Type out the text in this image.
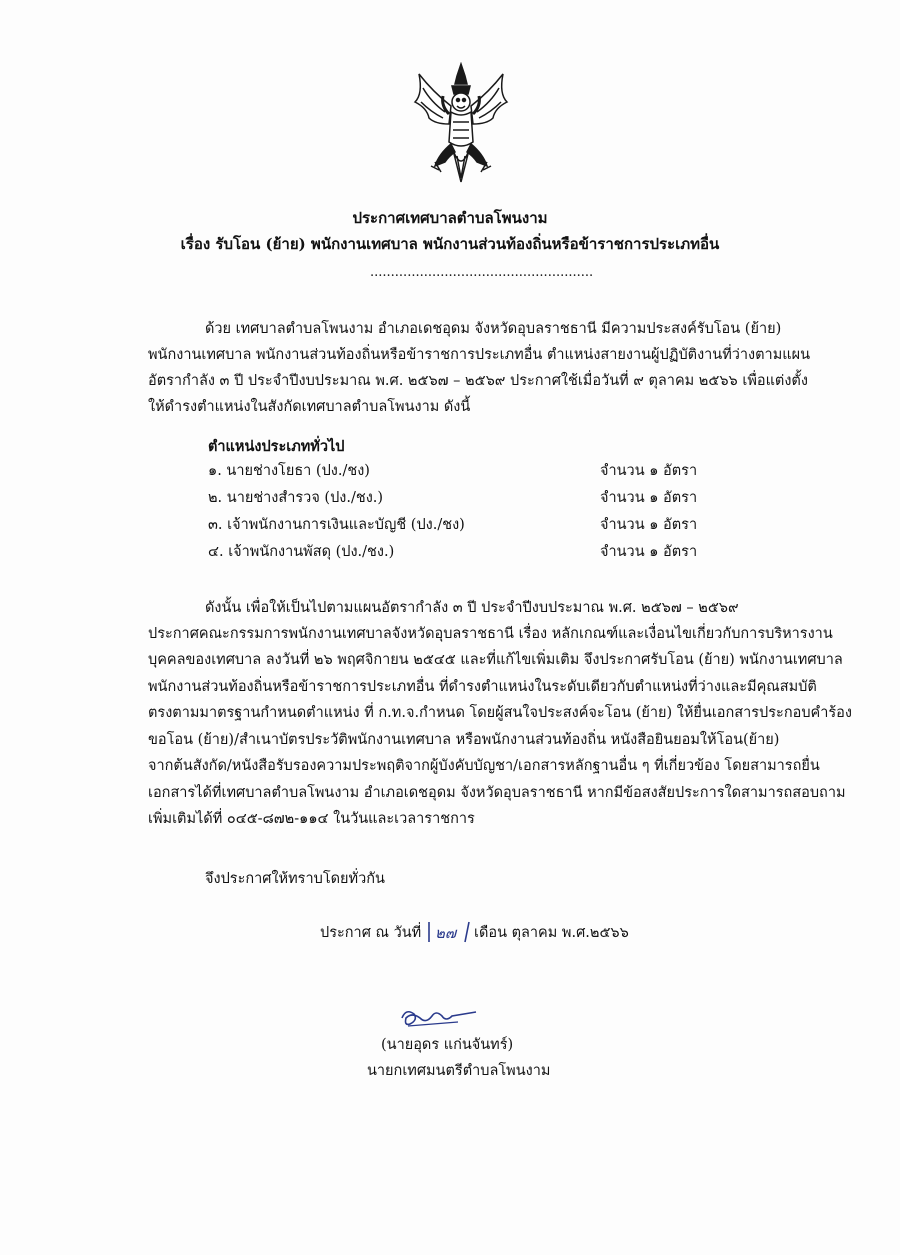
ประกาศเทศบาลตำบลโพนงาม
เรื่อง รับโอน (ย้าย) พนักงานเทศบาล พนักงานส่วนท้องถิ่นหรือข้าราชการประเภทอื่น
......................................................
ด้วย เทศบาลตำบลโพนงาม อำเภอเดชอุดม จังหวัดอุบลราชธานี มีความประสงค์รับโอน (ย้าย)
พนักงานเทศบาล พนักงานส่วนท้องถิ่นหรือข้าราชการประเภทอื่น ตำแหน่งสายงานผู้ปฏิบัติงานที่ว่างตามแผน
อัตรากำลัง ๓ ปี ประจำปีงบประมาณ พ.ศ. ๒๕๖๗ – ๒๕๖๙ ประกาศใช้เมื่อวันที่ ๙ ตุลาคม ๒๕๖๖ เพื่อแต่งตั้ง
ให้ดำรงตำแหน่งในสังกัดเทศบาลตำบลโพนงาม ดังนี้
ตำแหน่งประเภททั่วไป
๑. นายช่างโยธา (ปง./ชง)	จำนวน ๑ อัตรา
๒. นายช่างสำรวจ (ปง./ชง.)	จำนวน ๑ อัตรา
๓. เจ้าพนักงานการเงินและบัญชี (ปง./ชง)	จำนวน ๑ อัตรา
๔. เจ้าพนักงานพัสดุ (ปง./ชง.)	จำนวน ๑ อัตรา
ดังนั้น เพื่อให้เป็นไปตามแผนอัตรากำลัง ๓ ปี ประจำปีงบประมาณ พ.ศ. ๒๕๖๗ – ๒๕๖๙
ประกาศคณะกรรมการพนักงานเทศบาลจังหวัดอุบลราชธานี เรื่อง หลักเกณฑ์และเงื่อนไขเกี่ยวกับการบริหารงาน
บุคคลของเทศบาล ลงวันที่ ๒๖ พฤศจิกายน ๒๕๔๕ และที่แก้ไขเพิ่มเติม จึงประกาศรับโอน (ย้าย) พนักงานเทศบาล
พนักงานส่วนท้องถิ่นหรือข้าราชการประเภทอื่น ที่ดำรงตำแหน่งในระดับเดียวกับตำแหน่งที่ว่างและมีคุณสมบัติ
ตรงตามมาตรฐานกำหนดตำแหน่ง ที่ ก.ท.จ.กำหนด โดยผู้สนใจประสงค์จะโอน (ย้าย) ให้ยื่นเอกสารประกอบคำร้อง
ขอโอน (ย้าย)/สำเนาบัตรประวัติพนักงานเทศบาล หรือพนักงานส่วนท้องถิ่น หนังสือยินยอมให้โอน(ย้าย)
จากต้นสังกัด/หนังสือรับรองความประพฤติจากผู้บังคับบัญชา/เอกสารหลักฐานอื่น ๆ ที่เกี่ยวข้อง โดยสามารถยื่น
เอกสารได้ที่เทศบาลตำบลโพนงาม อำเภอเดชอุดม จังหวัดอุบลราชธานี หากมีข้อสงสัยประการใดสามารถสอบถาม
เพิ่มเติมได้ที่ ๐๔๕-๘๗๒-๑๑๔ ในวันและเวลาราชการ
จึงประกาศให้ทราบโดยทั่วกัน
ประกาศ ณ วันที่ ๒๗ เดือน ตุลาคม พ.ศ.๒๕๖๖
(นายอุดร แก่นจันทร์)
นายกเทศมนตรีตำบลโพนงาม
